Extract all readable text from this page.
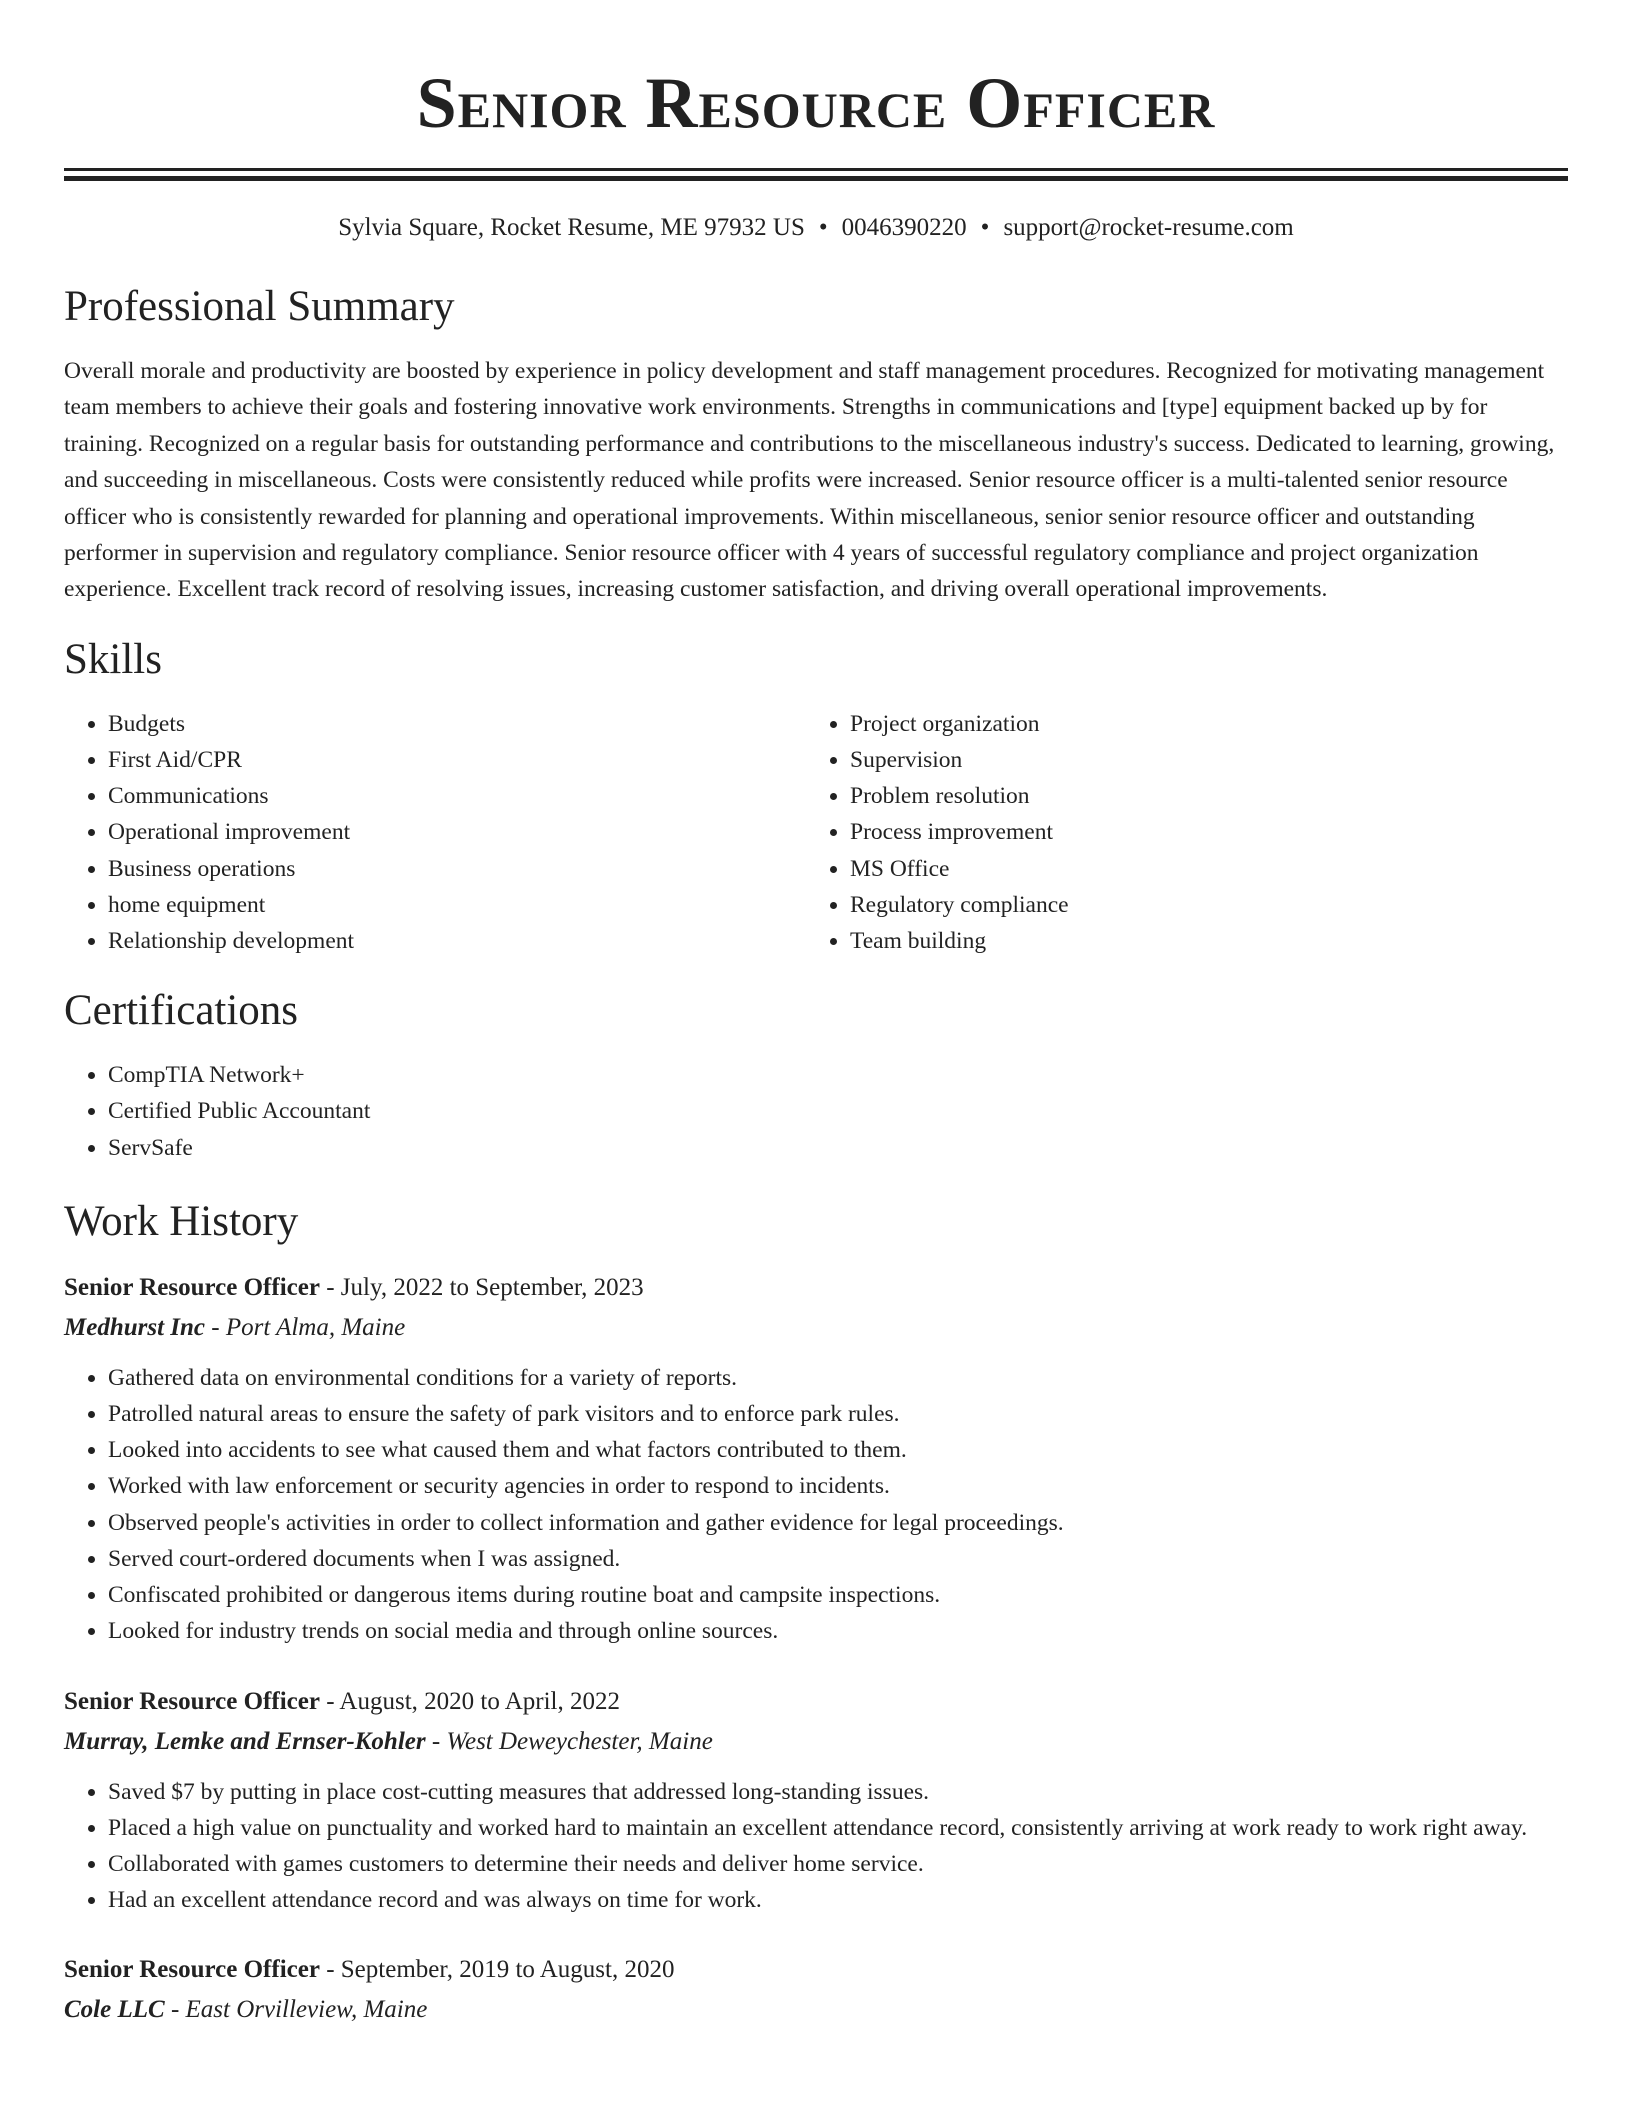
Senior Resource Officer
Sylvia Square, Rocket Resume, ME 97932 US • 0046390220 • support@rocket-resume.com
Professional Summary
Overall morale and productivity are boosted by experience in policy development and staff management procedures. Recognized for motivating management team members to achieve their goals and fostering innovative work environments. Strengths in communications and [type] equipment backed up by for training. Recognized on a regular basis for outstanding performance and contributions to the miscellaneous industry's success. Dedicated to learning, growing, and succeeding in miscellaneous. Costs were consistently reduced while profits were increased. Senior resource officer is a multi-talented senior resource officer who is consistently rewarded for planning and operational improvements. Within miscellaneous, senior senior resource officer and outstanding performer in supervision and regulatory compliance. Senior resource officer with 4 years of successful regulatory compliance and project organization experience. Excellent track record of resolving issues, increasing customer satisfaction, and driving overall operational improvements.
Skills
• Budgets
• First Aid/CPR
• Communications
• Operational improvement
• Business operations
• home equipment
• Relationship development
• Project organization
• Supervision
• Problem resolution
• Process improvement
• MS Office
• Regulatory compliance
• Team building
Certifications
• CompTIA Network+
• Certified Public Accountant
• ServSafe
Work History
Senior Resource Officer - July, 2022 to September, 2023
Medhurst Inc - Port Alma, Maine
• Gathered data on environmental conditions for a variety of reports.
• Patrolled natural areas to ensure the safety of park visitors and to enforce park rules.
• Looked into accidents to see what caused them and what factors contributed to them.
• Worked with law enforcement or security agencies in order to respond to incidents.
• Observed people's activities in order to collect information and gather evidence for legal proceedings.
• Served court-ordered documents when I was assigned.
• Confiscated prohibited or dangerous items during routine boat and campsite inspections.
• Looked for industry trends on social media and through online sources.
Senior Resource Officer - August, 2020 to April, 2022
Murray, Lemke and Ernser-Kohler - West Deweychester, Maine
• Saved $7 by putting in place cost-cutting measures that addressed long-standing issues.
• Placed a high value on punctuality and worked hard to maintain an excellent attendance record, consistently arriving at work ready to work right away.
• Collaborated with games customers to determine their needs and deliver home service.
• Had an excellent attendance record and was always on time for work.
Senior Resource Officer - September, 2019 to August, 2020
Cole LLC - East Orvilleview, Maine
